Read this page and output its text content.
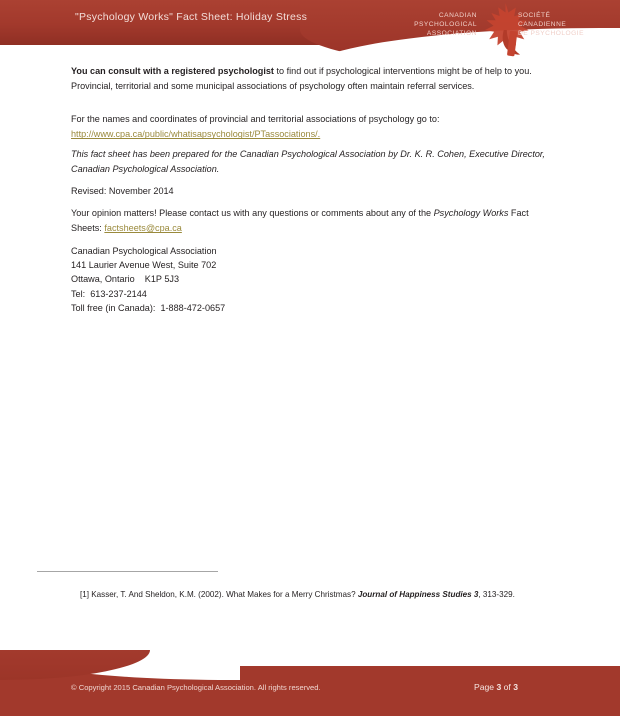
"Psychology Works" Fact Sheet: Holiday Stress	CANADIAN
PSYCHOLOGICAL
ASSOCIATION
SOCIÉTÉ
CANADIENNE
DE PSYCHOLOGIE
You can consult with a registered psychologist to find out if psychological interventions might be of help to you. Provincial, territorial and some municipal associations of psychology often maintain referral services.
For the names and coordinates of provincial and territorial associations of psychology go to:
http://www.cpa.ca/public/whatisapsychologist/PTassociations/.
This fact sheet has been prepared for the Canadian Psychological Association by Dr. K. R. Cohen, Executive Director, Canadian Psychological Association.
Revised: November 2014
Your opinion matters! Please contact us with any questions or comments about any of the Psychology Works Fact Sheets: factsheets@cpa.ca
Canadian Psychological Association
141 Laurier Avenue West, Suite 702
Ottawa, Ontario    K1P 5J3
Tel:  613-237-2144
Toll free (in Canada):  1-888-472-0657
[1] Kasser, T. And Sheldon, K.M. (2002). What Makes for a Merry Christmas? Journal of Happiness Studies 3, 313-329.
© Copyright 2015 Canadian Psychological Association. All rights reserved.	Page 3 of 3
